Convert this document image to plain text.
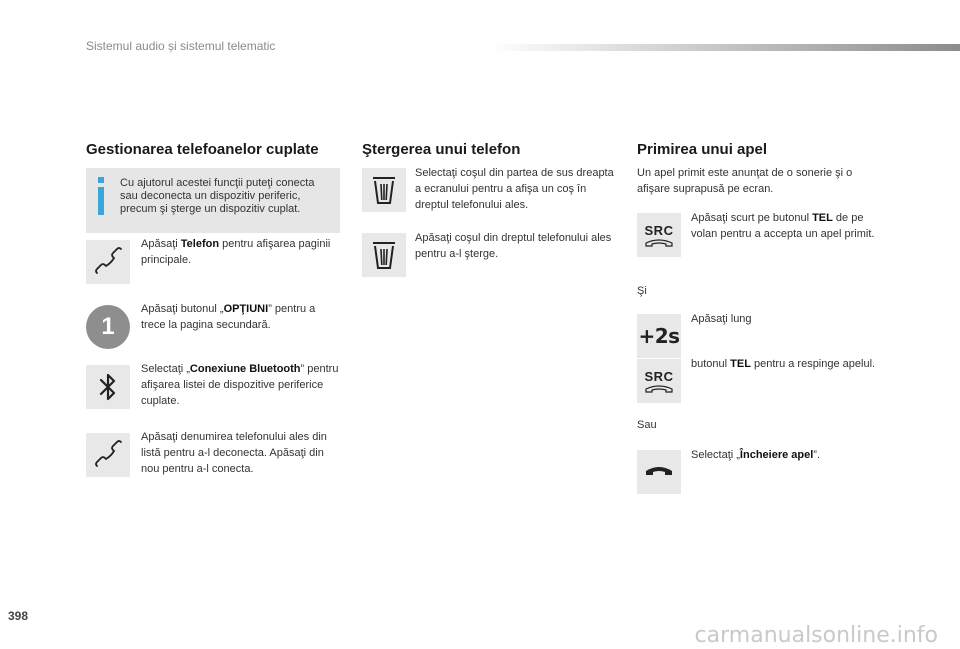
Sistemul audio și sistemul telematic
Gestionarea telefoanelor cuplate
Cu ajutorul acestei funcţii puteţi conecta sau deconecta un dispozitiv periferic, precum şi şterge un dispozitiv cuplat.
Apăsaţi Telefon pentru afişarea paginii principale.
1
Apăsaţi butonul „OPŢIUNI” pentru a trece la pagina secundară.
Selectaţi „Conexiune Bluetooth” pentru afişarea listei de dispozitive periferice cuplate.
Apăsaţi denumirea telefonului ales din listă pentru a-l deconecta. Apăsaţi din nou pentru a-l conecta.
Ştergerea unui telefon
Selectaţi coşul din partea de sus dreapta a ecranului pentru a afişa un coş în dreptul telefonului ales.
Apăsaţi coşul din dreptul telefonului ales pentru a-l şterge.
Primirea unui apel
Un apel primit este anunţat de o sonerie şi o afişare suprapusă pe ecran.
SRC
Apăsaţi scurt pe butonul TEL de pe volan pentru a accepta un apel primit.
Şi
+2s
Apăsaţi lung
SRC
butonul TEL pentru a respinge apelul.
Sau
Selectaţi „Încheiere apel”.
398
carmanualsonline.info
